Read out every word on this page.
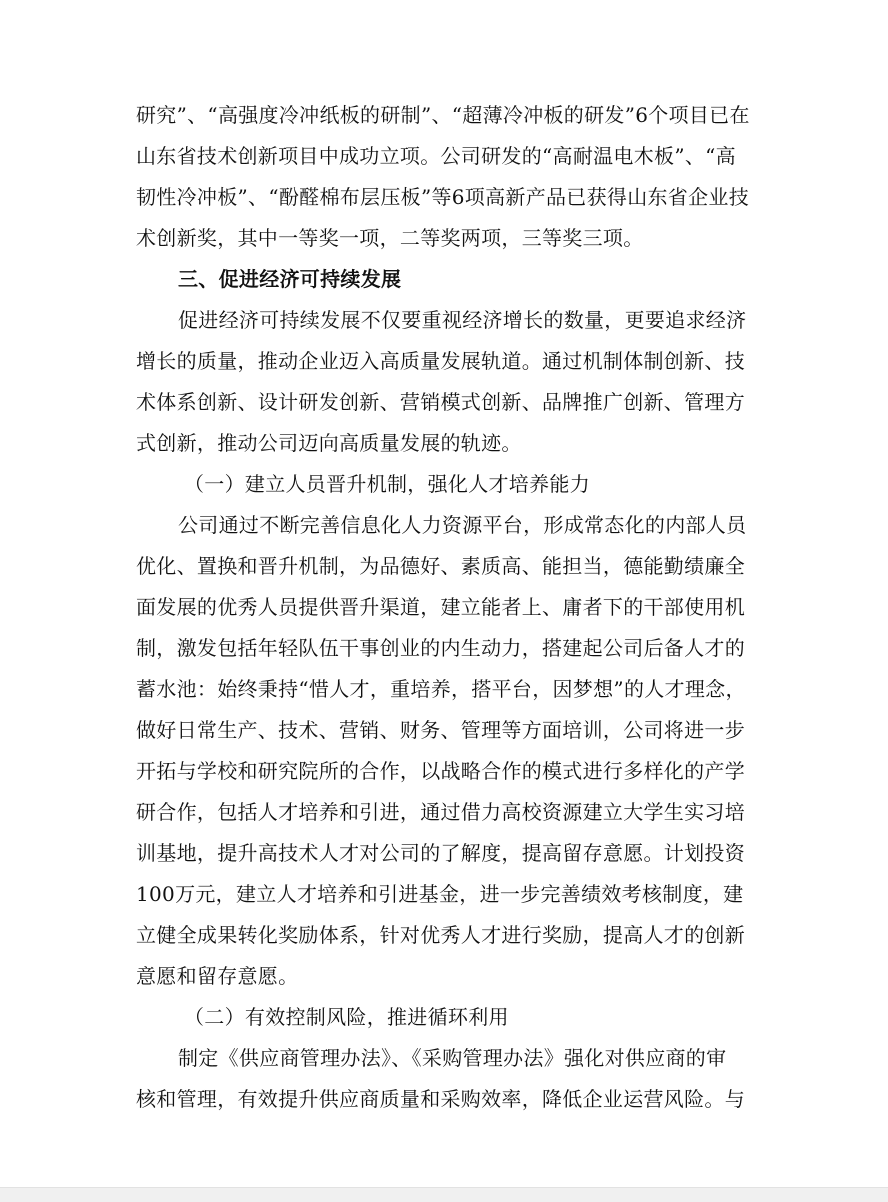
研究”、“高强度冷冲纸板的研制”、“超薄冷冲板的研发”6个项目已在
山东省技术创新项目中成功立项。公司研发的“高耐温电木板”、“高
韧性冷冲板”、“酚醛棉布层压板”等6项高新产品已获得山东省企业技
术创新奖，其中一等奖一项，二等奖两项，三等奖三项。
三、促进经济可持续发展
促进经济可持续发展不仅要重视经济增长的数量，更要追求经济
增长的质量，推动企业迈入高质量发展轨道。通过机制体制创新、技
术体系创新、设计研发创新、营销模式创新、品牌推广创新、管理方
式创新，推动公司迈向高质量发展的轨迹。
（一）建立人员晋升机制，强化人才培养能力
公司通过不断完善信息化人力资源平台，形成常态化的内部人员
优化、置换和晋升机制，为品德好、素质高、能担当，德能勤绩廉全
面发展的优秀人员提供晋升渠道，建立能者上、庸者下的干部使用机
制，激发包括年轻队伍干事创业的内生动力，搭建起公司后备人才的
蓄水池：始终秉持“惜人才，重培养，搭平台，因梦想”的人才理念，
做好日常生产、技术、营销、财务、管理等方面培训，公司将进一步
开拓与学校和研究院所的合作，以战略合作的模式进行多样化的产学
研合作，包括人才培养和引进，通过借力高校资源建立大学生实习培
训基地，提升高技术人才对公司的了解度，提高留存意愿。计划投资
100万元，建立人才培养和引进基金，进一步完善绩效考核制度，建
立健全成果转化奖励体系，针对优秀人才进行奖励，提高人才的创新
意愿和留存意愿。
（二）有效控制风险，推进循环利用
制定《供应商管理办法》、《采购管理办法》强化对供应商的审
核和管理，有效提升供应商质量和采购效率，降低企业运营风险。与
